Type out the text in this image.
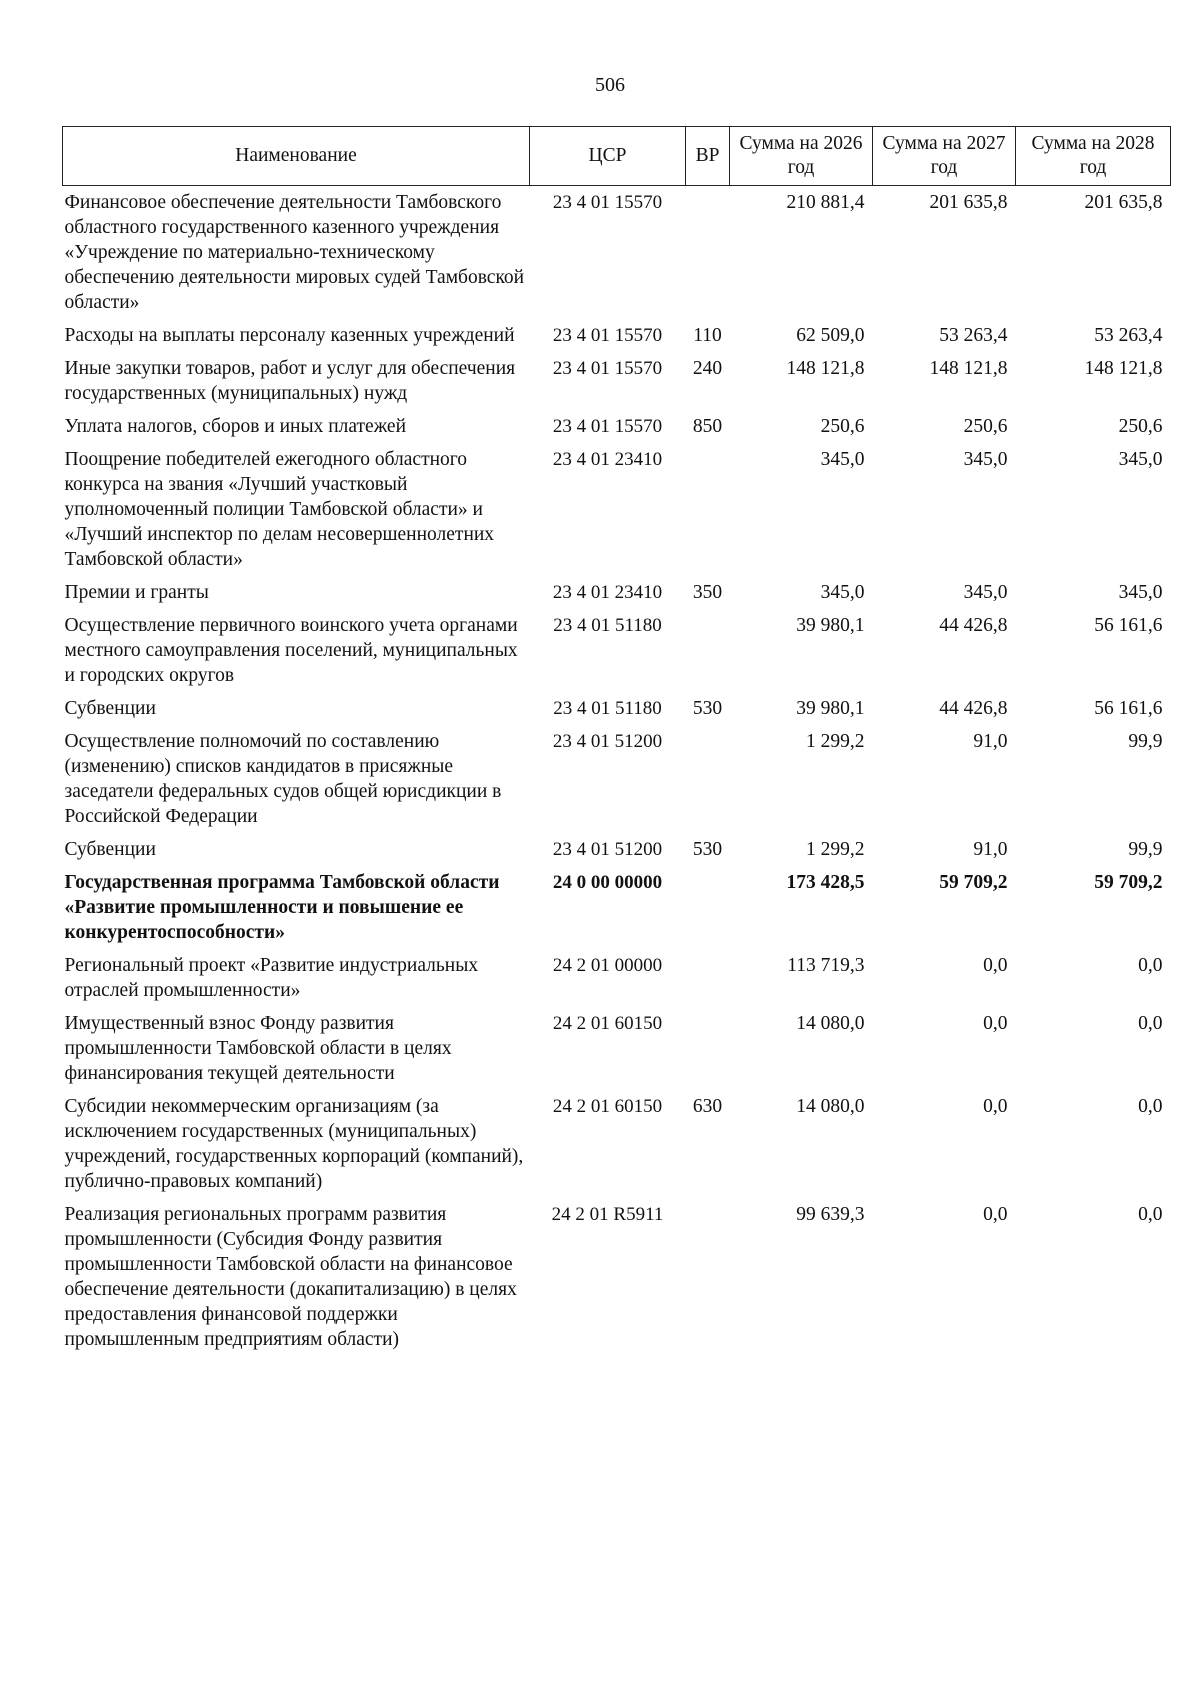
506
Наименование	ЦСР	ВР	Сумма на 2026 год	Сумма на 2027 год	Сумма на 2028 год
Финансовое обеспечение деятельности Тамбовского областного государственного казенного учреждения «Учреждение по материально-техническому обеспечению деятельности мировых судей Тамбовской области»	23 4 01 15570		210 881,4	201 635,8	201 635,8
Расходы на выплаты персоналу казенных учреждений	23 4 01 15570	110	62 509,0	53 263,4	53 263,4
Иные закупки товаров, работ и услуг для обеспечения государственных (муниципальных) нужд	23 4 01 15570	240	148 121,8	148 121,8	148 121,8
Уплата налогов, сборов и иных платежей	23 4 01 15570	850	250,6	250,6	250,6
Поощрение победителей ежегодного областного конкурса на звания «Лучший участковый уполномоченный полиции Тамбовской области» и «Лучший инспектор по делам несовершеннолетних Тамбовской области»	23 4 01 23410		345,0	345,0	345,0
Премии и гранты	23 4 01 23410	350	345,0	345,0	345,0
Осуществление первичного воинского учета органами местного самоуправления поселений, муниципальных и городских округов	23 4 01 51180		39 980,1	44 426,8	56 161,6
Субвенции	23 4 01 51180	530	39 980,1	44 426,8	56 161,6
Осуществление полномочий по составлению (изменению) списков кандидатов в присяжные заседатели федеральных судов общей юрисдикции в Российской Федерации	23 4 01 51200		1 299,2	91,0	99,9
Субвенции	23 4 01 51200	530	1 299,2	91,0	99,9
Государственная программа Тамбовской области «Развитие промышленности и повышение ее конкурентоспособности»	24 0 00 00000		173 428,5	59 709,2	59 709,2
Региональный проект «Развитие индустриальных отраслей промышленности»	24 2 01 00000		113 719,3	0,0	0,0
Имущественный взнос Фонду развития промышленности Тамбовской области в целях финансирования текущей деятельности	24 2 01 60150		14 080,0	0,0	0,0
Субсидии некоммерческим организациям (за исключением государственных (муниципальных) учреждений, государственных корпораций (компаний), публично-правовых компаний)	24 2 01 60150	630	14 080,0	0,0	0,0
Реализация региональных программ развития промышленности (Субсидия Фонду развития промышленности Тамбовской области на финансовое обеспечение деятельности (докапитализацию) в целях предоставления финансовой поддержки промышленным предприятиям области)	24 2 01 R5911		99 639,3	0,0	0,0
